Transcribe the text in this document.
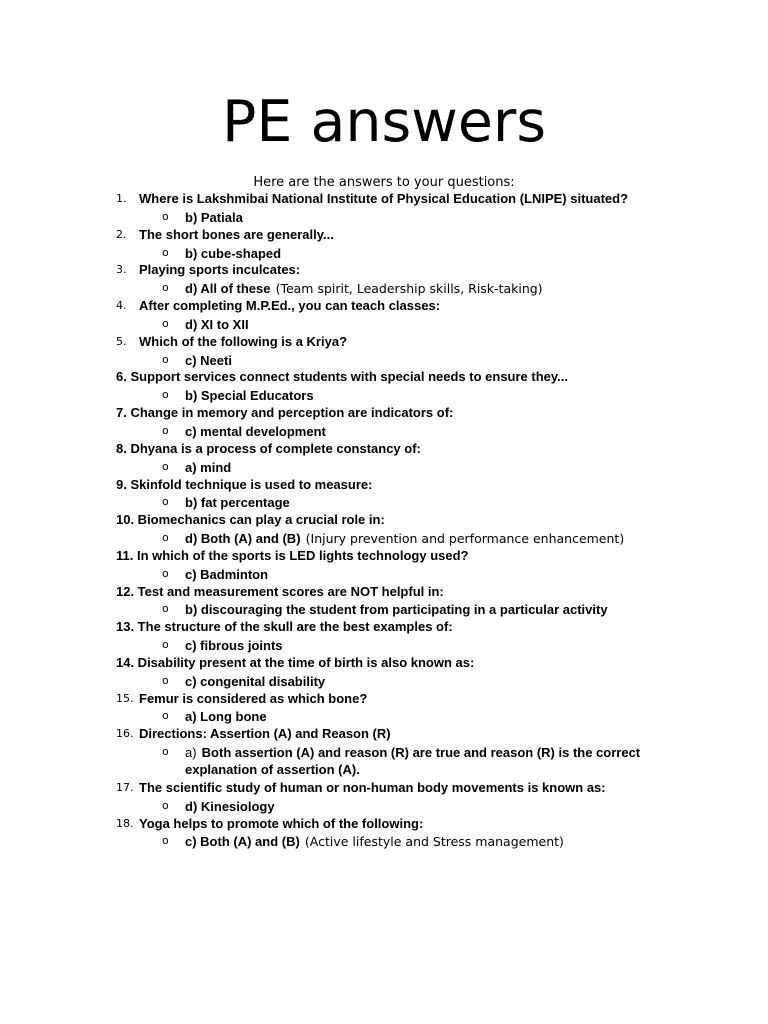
PE answers
Here are the answers to your questions:
1. Where is Lakshmibai National Institute of Physical Education (LNIPE) situated?
o b) Patiala
2. The short bones are generally...
o b) cube-shaped
3. Playing sports inculcates:
o d) All of these (Team spirit, Leadership skills, Risk-taking)
4. After completing M.P.Ed., you can teach classes:
o d) XI to XII
5. Which of the following is a Kriya?
o c) Neeti
6. Support services connect students with special needs to ensure they...
o b) Special Educators
7. Change in memory and perception are indicators of:
o c) mental development
8. Dhyana is a process of complete constancy of:
o a) mind
9. Skinfold technique is used to measure:
o b) fat percentage
10. Biomechanics can play a crucial role in:
o d) Both (A) and (B) (Injury prevention and performance enhancement)
11. In which of the sports is LED lights technology used?
o c) Badminton
12. Test and measurement scores are NOT helpful in:
o b) discouraging the student from participating in a particular activity
13. The structure of the skull are the best examples of:
o c) fibrous joints
14. Disability present at the time of birth is also known as:
o c) congenital disability
15. Femur is considered as which bone?
o a) Long bone
16. Directions: Assertion (A) and Reason (R)
o a) Both assertion (A) and reason (R) are true and reason (R) is the correct
explanation of assertion (A).
17. The scientific study of human or non-human body movements is known as:
o d) Kinesiology
18. Yoga helps to promote which of the following:
o c) Both (A) and (B) (Active lifestyle and Stress management)
